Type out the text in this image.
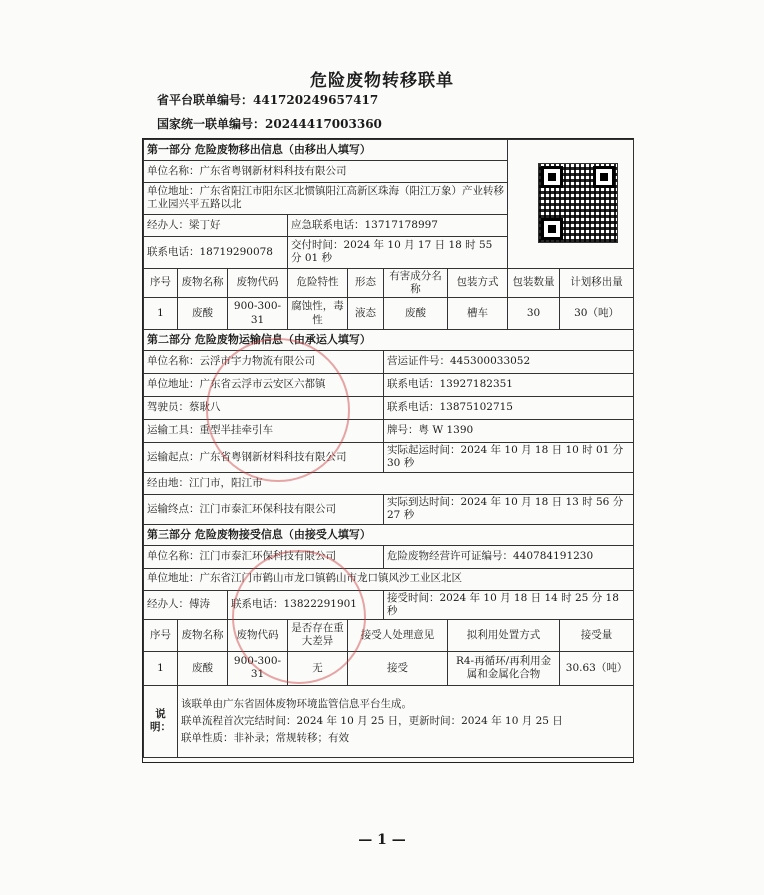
危险废物转移联单
省平台联单编号：441720249657417
国家统一联单编号：20244417003360
第一部分 危险废物移出信息（由移出人填写）								
单位名称：广东省粤钢新材料科技有限公司								
单位地址：广东省阳江市阳东区北惯镇阳江高新区珠海（阳江万象）产业转移工业园兴平五路以北								
经办人：梁丁好			应急联系电话：13717178997					
联系电话：18719290078			交付时间：2024 年 10 月 17 日 18 时 55 分 01 秒					
序号	废物名称	废物代码	危险特性	形态	有害成分名称	包装方式	包装数量	计划移出量
1	废酸	900-300-31	腐蚀性，毒性	液态	废酸	槽车	30	30（吨）
第二部分 危险废物运输信息（由承运人填写）								
单位名称：云浮市宇力物流有限公司					营运证件号：445300033052			
单位地址：广东省云浮市云安区六都镇					联系电话：13927182351			
驾驶员：蔡耿八					联系电话：13875102715			
运输工具：重型半挂牵引车					牌号：粤 W 1390			
运输起点：广东省粤钢新材料科技有限公司					实际起运时间：2024 年 10 月 18 日 10 时 01 分 30 秒			
经由地：江门市，阳江市								
运输终点：江门市泰汇环保科技有限公司					实际到达时间：2024 年 10 月 18 日 13 时 56 分 27 秒			
第三部分 危险废物接受信息（由接受人填写）								
单位名称：江门市泰汇环保科技有限公司					危险废物经营许可证编号：440784191230			
单位地址：广东省江门市鹤山市龙口镇鹤山市龙口镇风沙工业区北区								
经办人：傅涛		联系电话：13822291901			接受时间：2024 年 10 月 18 日 14 时 25 分 18 秒			
序号	废物名称	废物代码	是否存在重大差异	接受人处理意见		拟利用处置方式		接受量
1	废酸	900-300-31	无	接受		R4-再循环/再利用金属和金属化合物		30.63（吨）
说明：	该联单由广东省固体废物环境监管信息平台生成。

联单流程首次完结时间：2024 年 10 月 25 日，更新时间：2024 年 10 月 25 日

联单性质：非补录；常规转移；有效							

— 1 —
